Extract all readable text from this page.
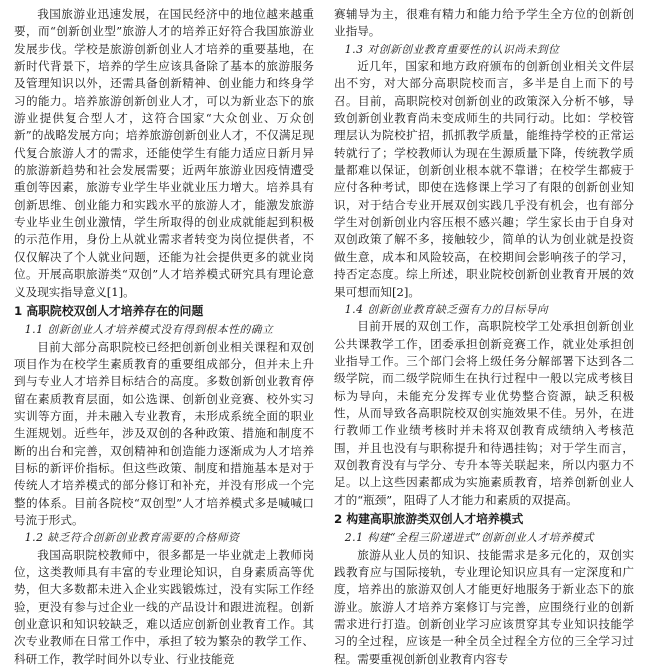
我国旅游业迅速发展，在国民经济中的地位越来越重要，而“创新创业型”旅游人才的培养正好符合我国旅游业发展步伐。学校是旅游创新创业人才培养的重要基地，在新时代背景下，培养的学生应该具备除了基本的旅游服务及管理知识以外，还需具备创新精神、创业能力和终身学习的能力。培养旅游创新创业人才，可以为新业态下的旅游业提供复合型人才，这符合国家“大众创业、万众创新”的战略发展方向；培养旅游创新创业人才，不仅满足现代复合旅游人才的需求，还能使学生有能力适应日新月异的旅游新趋势和社会发展需要；近两年旅游业因疫情遭受重创等因素，旅游专业学生毕业就业压力增大。培养具有创新思维、创业能力和实践水平的旅游人才，能激发旅游专业毕业生创业激情，学生所取得的创业成就能起到积极的示范作用，身份上从就业需求者转变为岗位提供者，不仅仅解决了个人就业问题，还能为社会提供更多的就业岗位。开展高职旅游类“双创”人才培养模式研究具有理论意义及现实指导意义[1]。

1 高职院校双创人才培养存在的问题

1.1 创新创业人才培养模式没有得到根本性的确立

目前大部分高职院校已经把创新创业相关课程和双创项目作为在校学生素质教育的重要组成部分，但并未上升到与专业人才培养目标结合的高度。多数创新创业教育停留在素质教育层面，如公选课、创新创业竞赛、校外实习实训等方面，并未融入专业教育，未形成系统全面的职业生涯规划。近些年，涉及双创的各种政策、措施和制度不断的出台和完善，双创精神和创造能力逐渐成为人才培养目标的新评价指标。但这些政策、制度和措施基本是对于传统人才培养模式的部分修订和补充，并没有形成一个完整的体系。目前各院校“双创型”人才培养模式多是喊喊口号流于形式。

1.2 缺乏符合创新创业教育需要的合格师资

我国高职院校教师中，很多都是一毕业就走上教师岗位，这类教师具有丰富的专业理论知识，自身素质高等优势，但大多数都未进入企业实践锻炼过，没有实际工作经验，更没有参与过企业一线的产品设计和跟进流程。创新创业意识和知识较缺乏，难以适应创新创业教育工作。其次专业教师在日常工作中，承担了较为繁杂的教学工作、科研工作，教学时间外以专业、行业技能竞

赛辅导为主，很难有精力和能力给予学生全方位的创新创业指导。

1.3 对创新创业教育重要性的认识尚未到位

近几年，国家和地方政府颁布的创新创业相关文件层出不穷，对大部分高职院校而言，多半是自上而下的号召。目前，高职院校对创新创业的政策深入分析不够，导致创新创业教育尚未变成师生的共同行动。比如：学校管理层认为院校扩招，抓抓教学质量，能维持学校的正常运转就行了；学校教师认为现在生源质量下降，传统教学质量都难以保证，创新创业根本就不靠谱；在校学生都疲于应付各种考试，即使在选修课上学习了有限的创新创业知识，对于结合专业开展双创实践几乎没有机会，也有部分学生对创新创业内容压根不感兴趣；学生家长由于自身对双创政策了解不多，接触较少，简单的认为创业就是投资做生意，成本和风险较高，在校期间会影响孩子的学习，持否定态度。综上所述，职业院校创新创业教育开展的效果可想而知[2]。

1.4 创新创业教育缺乏强有力的目标导向

目前开展的双创工作，高职院校学工处承担创新创业公共课教学工作，团委承担创新竞赛工作，就业处承担创业指导工作。三个部门会将上级任务分解部署下达到各二级学院，而二级学院师生在执行过程中一般以完成考核目标为导向，未能充分发挥专业优势整合资源，缺乏积极性，从而导致各高职院校双创实施效果不佳。另外，在进行教师工作业绩考核时并未将双创教育成绩纳入考核范围，并且也没有与职称提升和待遇挂钩；对于学生而言，双创教育没有与学分、专升本等关联起来，所以内驱力不足。以上这些因素都成为实施素质教育，培养创新创业人才的“瓶颈”，阻碍了人才能力和素质的双提高。

2 构建高职旅游类双创人才培养模式

2.1 构建“全程三阶递进式”创新创业人才培养模式

旅游从业人员的知识、技能需求是多元化的，双创实践教育应与国际接轨，专业理论知识应具有一定深度和广度，培养出的旅游双创人才能更好地服务于新业态下的旅游业。旅游人才培养方案修订与完善，应围绕行业的创新需求进行打造。创新创业学习应该贯穿其专业知识技能学习的全过程，应该是一种全员全过程全方位的三全学习过程。需要重视创新创业教育内容专
